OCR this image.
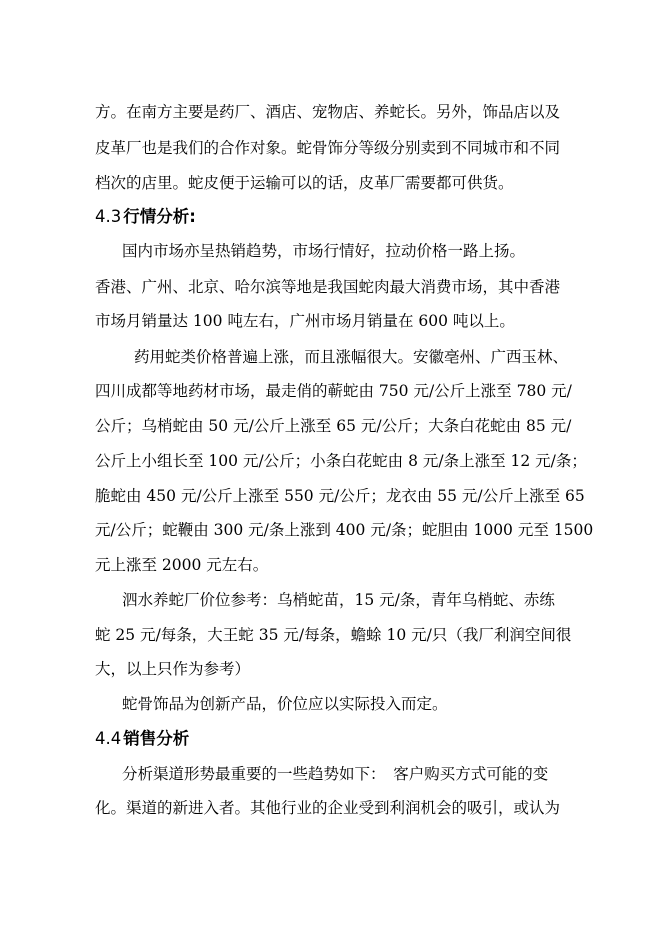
方。在南方主要是药厂、酒店、宠物店、养蛇长。另外，饰品店以及
皮革厂也是我们的合作对象。蛇骨饰分等级分别卖到不同城市和不同
档次的店里。蛇皮便于运输可以的话，皮革厂需要都可供货。
4.3 行情分析:
国内市场亦呈热销趋势，市场行情好，拉动价格一路上扬。
香港、广州、北京、哈尔滨等地是我国蛇肉最大消费市场，其中香港
市场月销量达 100 吨左右，广州市场月销量在 600 吨以上。
药用蛇类价格普遍上涨，而且涨幅很大。安徽亳州、广西玉林、
四川成都等地药材市场，最走俏的蕲蛇由 750 元/公斤上涨至 780 元/
公斤；乌梢蛇由 50 元/公斤上涨至 65 元/公斤；大条白花蛇由 85 元/
公斤上小组长至 100 元/公斤；小条白花蛇由 8 元/条上涨至 12 元/条；
脆蛇由 450 元/公斤上涨至 550 元/公斤；龙衣由 55 元/公斤上涨至 65
元/公斤；蛇鞭由 300 元/条上涨到 400 元/条；蛇胆由 1000 元至 1500
元上涨至 2000 元左右。
泗水养蛇厂价位参考：乌梢蛇苗，15 元/条，青年乌梢蛇、赤练
蛇 25 元/每条，大王蛇 35 元/每条，蟾蜍 10 元/只（我厂利润空间很
大，以上只作为参考）
蛇骨饰品为创新产品，价位应以实际投入而定。
4.4 销售分析
分析渠道形势最重要的一些趋势如下：　客户购买方式可能的变
化。渠道的新进入者。其他行业的企业受到利润机会的吸引，或认为
